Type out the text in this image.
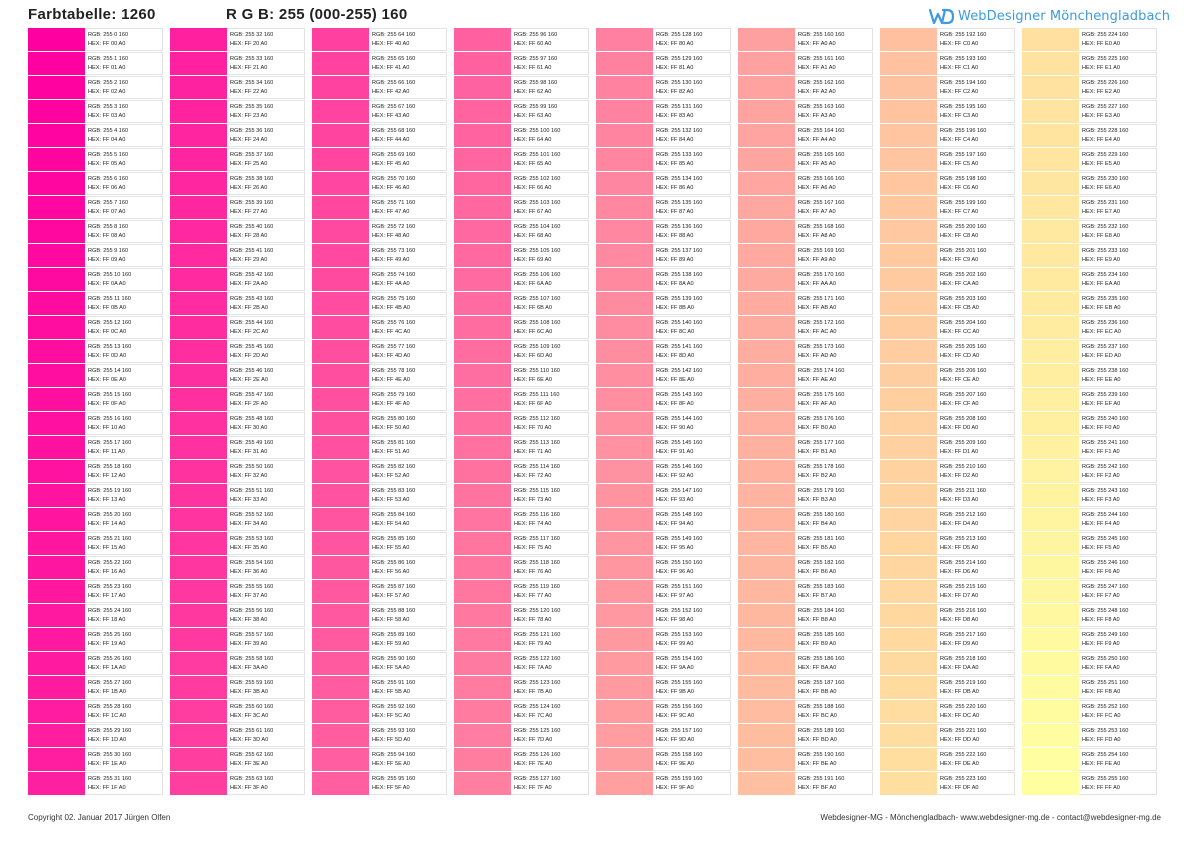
Farbtabelle: 1260	R G B: 255 (000-255) 160	WebDesigner Mönchengladbach
RGB: 255 0 160
HEX: FF 00 A0
RGB: 255 1 160
HEX: FF 01 A0
RGB: 255 2 160
HEX: FF 02 A0
RGB: 255 3 160
HEX: FF 03 A0
RGB: 255 4 160
HEX: FF 04 A0
RGB: 255 5 160
HEX: FF 05 A0
RGB: 255 6 160
HEX: FF 06 A0
RGB: 255 7 160
HEX: FF 07 A0
RGB: 255 8 160
HEX: FF 08 A0
RGB: 255 9 160
HEX: FF 09 A0
RGB: 255 10 160
HEX: FF 0A A0
RGB: 255 11 160
HEX: FF 0B A0
RGB: 255 12 160
HEX: FF 0C A0
RGB: 255 13 160
HEX: FF 0D A0
RGB: 255 14 160
HEX: FF 0E A0
RGB: 255 15 160
HEX: FF 0F A0
RGB: 255 16 160
HEX: FF 10 A0
RGB: 255 17 160
HEX: FF 11 A0
RGB: 255 18 160
HEX: FF 12 A0
RGB: 255 19 160
HEX: FF 13 A0
RGB: 255 20 160
HEX: FF 14 A0
RGB: 255 21 160
HEX: FF 15 A0
RGB: 255 22 160
HEX: FF 16 A0
RGB: 255 23 160
HEX: FF 17 A0
RGB: 255 24 160
HEX: FF 18 A0
RGB: 255 25 160
HEX: FF 19 A0
RGB: 255 26 160
HEX: FF 1A A0
RGB: 255 27 160
HEX: FF 1B A0
RGB: 255 28 160
HEX: FF 1C A0
RGB: 255 29 160
HEX: FF 1D A0
RGB: 255 30 160
HEX: FF 1E A0
RGB: 255 31 160
HEX: FF 1F A0
RGB: 255 32 160
HEX: FF 20 A0
RGB: 255 33 160
HEX: FF 21 A0
RGB: 255 34 160
HEX: FF 22 A0
RGB: 255 35 160
HEX: FF 23 A0
RGB: 255 36 160
HEX: FF 24 A0
RGB: 255 37 160
HEX: FF 25 A0
RGB: 255 38 160
HEX: FF 26 A0
RGB: 255 39 160
HEX: FF 27 A0
RGB: 255 40 160
HEX: FF 28 A0
RGB: 255 41 160
HEX: FF 29 A0
RGB: 255 42 160
HEX: FF 2A A0
RGB: 255 43 160
HEX: FF 2B A0
RGB: 255 44 160
HEX: FF 2C A0
RGB: 255 45 160
HEX: FF 2D A0
RGB: 255 46 160
HEX: FF 2E A0
RGB: 255 47 160
HEX: FF 2F A0
RGB: 255 48 160
HEX: FF 30 A0
RGB: 255 49 160
HEX: FF 31 A0
RGB: 255 50 160
HEX: FF 32 A0
RGB: 255 51 160
HEX: FF 33 A0
RGB: 255 52 160
HEX: FF 34 A0
RGB: 255 53 160
HEX: FF 35 A0
RGB: 255 54 160
HEX: FF 36 A0
RGB: 255 55 160
HEX: FF 37 A0
RGB: 255 56 160
HEX: FF 38 A0
RGB: 255 57 160
HEX: FF 39 A0
RGB: 255 58 160
HEX: FF 3A A0
RGB: 255 59 160
HEX: FF 3B A0
RGB: 255 60 160
HEX: FF 3C A0
RGB: 255 61 160
HEX: FF 3D A0
RGB: 255 62 160
HEX: FF 3E A0
RGB: 255 63 160
HEX: FF 3F A0
RGB: 255 64 160
HEX: FF 40 A0
RGB: 255 65 160
HEX: FF 41 A0
RGB: 255 66 160
HEX: FF 42 A0
RGB: 255 67 160
HEX: FF 43 A0
RGB: 255 68 160
HEX: FF 44 A0
RGB: 255 69 160
HEX: FF 45 A0
RGB: 255 70 160
HEX: FF 46 A0
RGB: 255 71 160
HEX: FF 47 A0
RGB: 255 72 160
HEX: FF 48 A0
RGB: 255 73 160
HEX: FF 49 A0
RGB: 255 74 160
HEX: FF 4A A0
RGB: 255 75 160
HEX: FF 4B A0
RGB: 255 76 160
HEX: FF 4C A0
RGB: 255 77 160
HEX: FF 4D A0
RGB: 255 78 160
HEX: FF 4E A0
RGB: 255 79 160
HEX: FF 4F A0
RGB: 255 80 160
HEX: FF 50 A0
RGB: 255 81 160
HEX: FF 51 A0
RGB: 255 82 160
HEX: FF 52 A0
RGB: 255 83 160
HEX: FF 53 A0
RGB: 255 84 160
HEX: FF 54 A0
RGB: 255 85 160
HEX: FF 55 A0
RGB: 255 86 160
HEX: FF 56 A0
RGB: 255 87 160
HEX: FF 57 A0
RGB: 255 88 160
HEX: FF 58 A0
RGB: 255 89 160
HEX: FF 59 A0
RGB: 255 90 160
HEX: FF 5A A0
RGB: 255 91 160
HEX: FF 5B A0
RGB: 255 92 160
HEX: FF 5C A0
RGB: 255 93 160
HEX: FF 5D A0
RGB: 255 94 160
HEX: FF 5E A0
RGB: 255 95 160
HEX: FF 5F A0
RGB: 255 96 160
HEX: FF 60 A0
RGB: 255 97 160
HEX: FF 61 A0
RGB: 255 98 160
HEX: FF 62 A0
RGB: 255 99 160
HEX: FF 63 A0
RGB: 255 100 160
HEX: FF 64 A0
RGB: 255 101 160
HEX: FF 65 A0
RGB: 255 102 160
HEX: FF 66 A0
RGB: 255 103 160
HEX: FF 67 A0
RGB: 255 104 160
HEX: FF 68 A0
RGB: 255 105 160
HEX: FF 69 A0
RGB: 255 106 160
HEX: FF 6A A0
RGB: 255 107 160
HEX: FF 6B A0
RGB: 255 108 160
HEX: FF 6C A0
RGB: 255 109 160
HEX: FF 6D A0
RGB: 255 110 160
HEX: FF 6E A0
RGB: 255 111 160
HEX: FF 6F A0
RGB: 255 112 160
HEX: FF 70 A0
RGB: 255 113 160
HEX: FF 71 A0
RGB: 255 114 160
HEX: FF 72 A0
RGB: 255 115 160
HEX: FF 73 A0
RGB: 255 116 160
HEX: FF 74 A0
RGB: 255 117 160
HEX: FF 75 A0
RGB: 255 118 160
HEX: FF 76 A0
RGB: 255 119 160
HEX: FF 77 A0
RGB: 255 120 160
HEX: FF 78 A0
RGB: 255 121 160
HEX: FF 79 A0
RGB: 255 122 160
HEX: FF 7A A0
RGB: 255 123 160
HEX: FF 7B A0
RGB: 255 124 160
HEX: FF 7C A0
RGB: 255 125 160
HEX: FF 7D A0
RGB: 255 126 160
HEX: FF 7E A0
RGB: 255 127 160
HEX: FF 7F A0
RGB: 255 128 160
HEX: FF 80 A0
RGB: 255 129 160
HEX: FF 81 A0
RGB: 255 130 160
HEX: FF 82 A0
RGB: 255 131 160
HEX: FF 83 A0
RGB: 255 132 160
HEX: FF 84 A0
RGB: 255 133 160
HEX: FF 85 A0
RGB: 255 134 160
HEX: FF 86 A0
RGB: 255 135 160
HEX: FF 87 A0
RGB: 255 136 160
HEX: FF 88 A0
RGB: 255 137 160
HEX: FF 89 A0
RGB: 255 138 160
HEX: FF 8A A0
RGB: 255 139 160
HEX: FF 8B A0
RGB: 255 140 160
HEX: FF 8C A0
RGB: 255 141 160
HEX: FF 8D A0
RGB: 255 142 160
HEX: FF 8E A0
RGB: 255 143 160
HEX: FF 8F A0
RGB: 255 144 160
HEX: FF 90 A0
RGB: 255 145 160
HEX: FF 91 A0
RGB: 255 146 160
HEX: FF 92 A0
RGB: 255 147 160
HEX: FF 93 A0
RGB: 255 148 160
HEX: FF 94 A0
RGB: 255 149 160
HEX: FF 95 A0
RGB: 255 150 160
HEX: FF 96 A0
RGB: 255 151 160
HEX: FF 97 A0
RGB: 255 152 160
HEX: FF 98 A0
RGB: 255 153 160
HEX: FF 99 A0
RGB: 255 154 160
HEX: FF 9A A0
RGB: 255 155 160
HEX: FF 9B A0
RGB: 255 156 160
HEX: FF 9C A0
RGB: 255 157 160
HEX: FF 9D A0
RGB: 255 158 160
HEX: FF 9E A0
RGB: 255 159 160
HEX: FF 9F A0
RGB: 255 160 160
HEX: FF A0 A0
RGB: 255 161 160
HEX: FF A1 A0
RGB: 255 162 160
HEX: FF A2 A0
RGB: 255 163 160
HEX: FF A3 A0
RGB: 255 164 160
HEX: FF A4 A0
RGB: 255 165 160
HEX: FF A5 A0
RGB: 255 166 160
HEX: FF A6 A0
RGB: 255 167 160
HEX: FF A7 A0
RGB: 255 168 160
HEX: FF A8 A0
RGB: 255 169 160
HEX: FF A9 A0
RGB: 255 170 160
HEX: FF AA A0
RGB: 255 171 160
HEX: FF AB A0
RGB: 255 172 160
HEX: FF AC A0
RGB: 255 173 160
HEX: FF AD A0
RGB: 255 174 160
HEX: FF AE A0
RGB: 255 175 160
HEX: FF AF A0
RGB: 255 176 160
HEX: FF B0 A0
RGB: 255 177 160
HEX: FF B1 A0
RGB: 255 178 160
HEX: FF B2 A0
RGB: 255 179 160
HEX: FF B3 A0
RGB: 255 180 160
HEX: FF B4 A0
RGB: 255 181 160
HEX: FF B5 A0
RGB: 255 182 160
HEX: FF B6 A0
RGB: 255 183 160
HEX: FF B7 A0
RGB: 255 184 160
HEX: FF B8 A0
RGB: 255 185 160
HEX: FF B9 A0
RGB: 255 186 160
HEX: FF BA A0
RGB: 255 187 160
HEX: FF BB A0
RGB: 255 188 160
HEX: FF BC A0
RGB: 255 189 160
HEX: FF BD A0
RGB: 255 190 160
HEX: FF BE A0
RGB: 255 191 160
HEX: FF BF A0
RGB: 255 192 160
HEX: FF C0 A0
RGB: 255 193 160
HEX: FF C1 A0
RGB: 255 194 160
HEX: FF C2 A0
RGB: 255 195 160
HEX: FF C3 A0
RGB: 255 196 160
HEX: FF C4 A0
RGB: 255 197 160
HEX: FF C5 A0
RGB: 255 198 160
HEX: FF C6 A0
RGB: 255 199 160
HEX: FF C7 A0
RGB: 255 200 160
HEX: FF C8 A0
RGB: 255 201 160
HEX: FF C9 A0
RGB: 255 202 160
HEX: FF CA A0
RGB: 255 203 160
HEX: FF CB A0
RGB: 255 204 160
HEX: FF CC A0
RGB: 255 205 160
HEX: FF CD A0
RGB: 255 206 160
HEX: FF CE A0
RGB: 255 207 160
HEX: FF CF A0
RGB: 255 208 160
HEX: FF D0 A0
RGB: 255 209 160
HEX: FF D1 A0
RGB: 255 210 160
HEX: FF D2 A0
RGB: 255 211 160
HEX: FF D3 A0
RGB: 255 212 160
HEX: FF D4 A0
RGB: 255 213 160
HEX: FF D5 A0
RGB: 255 214 160
HEX: FF D6 A0
RGB: 255 215 160
HEX: FF D7 A0
RGB: 255 216 160
HEX: FF D8 A0
RGB: 255 217 160
HEX: FF D9 A0
RGB: 255 218 160
HEX: FF DA A0
RGB: 255 219 160
HEX: FF DB A0
RGB: 255 220 160
HEX: FF DC A0
RGB: 255 221 160
HEX: FF DD A0
RGB: 255 222 160
HEX: FF DE A0
RGB: 255 223 160
HEX: FF DF A0
RGB: 255 224 160
HEX: FF E0 A0
RGB: 255 225 160
HEX: FF E1 A0
RGB: 255 226 160
HEX: FF E2 A0
RGB: 255 227 160
HEX: FF E3 A0
RGB: 255 228 160
HEX: FF E4 A0
RGB: 255 229 160
HEX: FF E5 A0
RGB: 255 230 160
HEX: FF E6 A0
RGB: 255 231 160
HEX: FF E7 A0
RGB: 255 232 160
HEX: FF E8 A0
RGB: 255 233 160
HEX: FF E9 A0
RGB: 255 234 160
HEX: FF EA A0
RGB: 255 235 160
HEX: FF EB A0
RGB: 255 236 160
HEX: FF EC A0
RGB: 255 237 160
HEX: FF ED A0
RGB: 255 238 160
HEX: FF EE A0
RGB: 255 239 160
HEX: FF EF A0
RGB: 255 240 160
HEX: FF F0 A0
RGB: 255 241 160
HEX: FF F1 A0
RGB: 255 242 160
HEX: FF F2 A0
RGB: 255 243 160
HEX: FF F3 A0
RGB: 255 244 160
HEX: FF F4 A0
RGB: 255 245 160
HEX: FF F5 A0
RGB: 255 246 160
HEX: FF F6 A0
RGB: 255 247 160
HEX: FF F7 A0
RGB: 255 248 160
HEX: FF F8 A0
RGB: 255 249 160
HEX: FF F9 A0
RGB: 255 250 160
HEX: FF FA A0
RGB: 255 251 160
HEX: FF FB A0
RGB: 255 252 160
HEX: FF FC A0
RGB: 255 253 160
HEX: FF FD A0
RGB: 255 254 160
HEX: FF FE A0
RGB: 255 255 160
HEX: FF FF A0
Copyright 02. Januar 2017 Jürgen Olfen	Webdesigner-MG - Mönchengladbach- www.webdesigner-mg.de - contact@webdesigner-mg.de
